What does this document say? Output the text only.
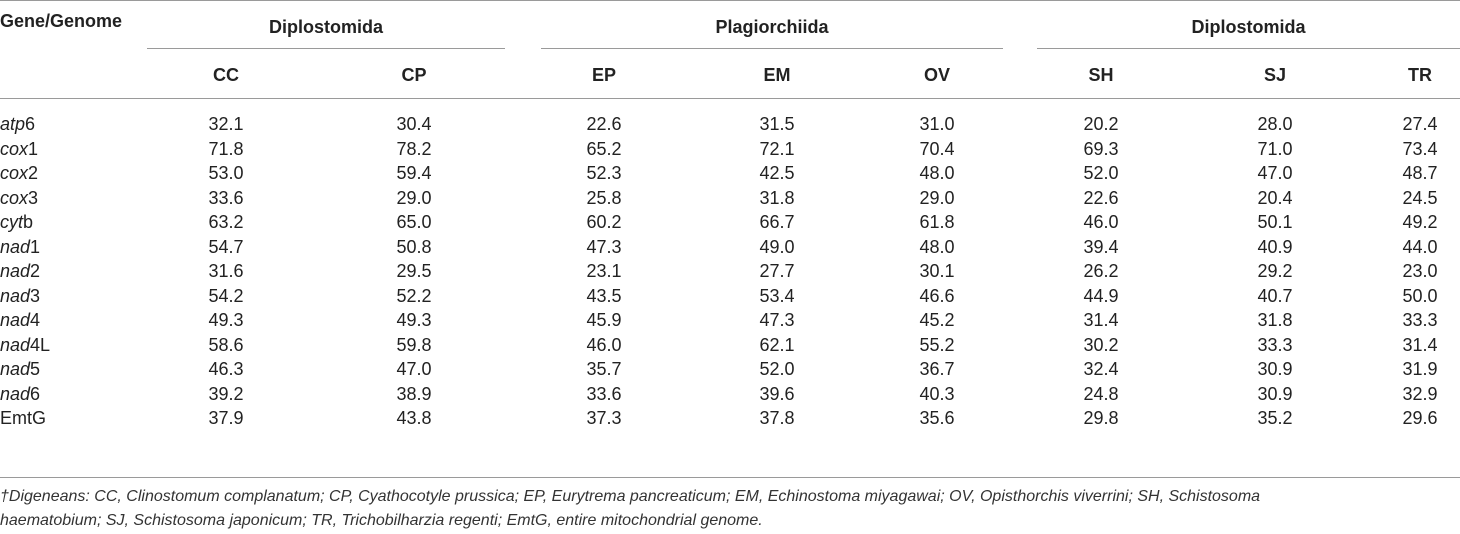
Gene/Genome	Diplostomida	Plagiorchiida	Diplostomida
CC	CP	EP	EM	OV	SH	SJ	TR
atp6	32.1	30.4	22.6	31.5	31.0	20.2	28.0	27.4
cox1	71.8	78.2	65.2	72.1	70.4	69.3	71.0	73.4
cox2	53.0	59.4	52.3	42.5	48.0	52.0	47.0	48.7
cox3	33.6	29.0	25.8	31.8	29.0	22.6	20.4	24.5
cytb	63.2	65.0	60.2	66.7	61.8	46.0	50.1	49.2
nad1	54.7	50.8	47.3	49.0	48.0	39.4	40.9	44.0
nad2	31.6	29.5	23.1	27.7	30.1	26.2	29.2	23.0
nad3	54.2	52.2	43.5	53.4	46.6	44.9	40.7	50.0
nad4	49.3	49.3	45.9	47.3	45.2	31.4	31.8	33.3
nad4L	58.6	59.8	46.0	62.1	55.2	30.2	33.3	31.4
nad5	46.3	47.0	35.7	52.0	36.7	32.4	30.9	31.9
nad6	39.2	38.9	33.6	39.6	40.3	24.8	30.9	32.9
EmtG	37.9	43.8	37.3	37.8	35.6	29.8	35.2	29.6
†Digeneans: CC, Clinostomum complanatum; CP, Cyathocotyle prussica; EP, Eurytrema pancreaticum; EM, Echinostoma miyagawai; OV, Opisthorchis viverrini; SH, Schistosoma
haematobium; SJ, Schistosoma japonicum; TR, Trichobilharzia regenti; EmtG, entire mitochondrial genome.
